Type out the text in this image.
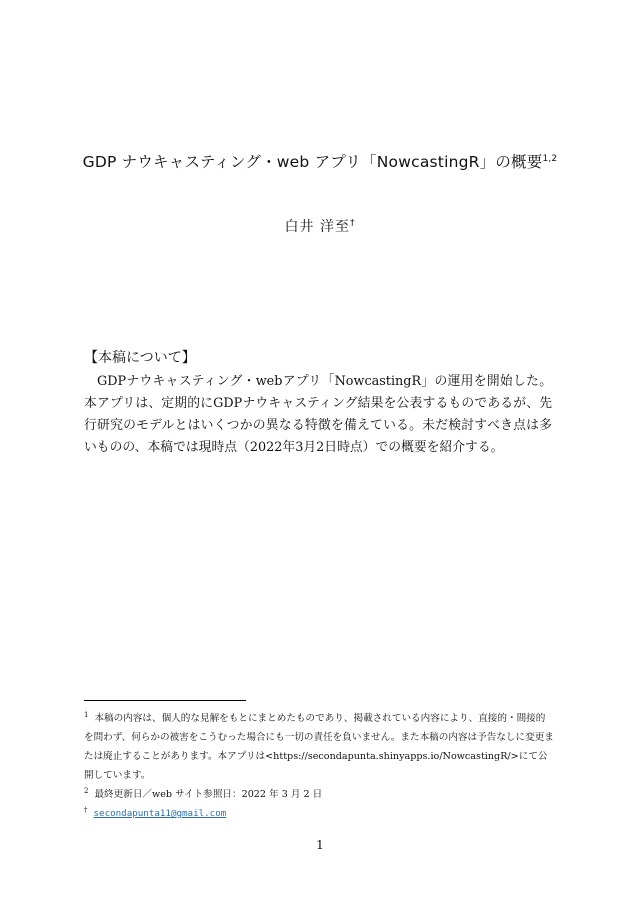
GDP ナウキャスティング・web アプリ「NowcastingR」の概要$^{1,2}$
白井 洋至†
【本稿について】
GDPナウキャスティング・webアプリ「NowcastingR」の運用を開始した。本アプリは、定期的にGDPナウキャスティング結果を公表するものであるが、先行研究のモデルとはいくつかの異なる特徴を備えている。未だ検討すべき点は多いものの、本稿では現時点（2022年3月2日時点）での概要を紹介する。
$^1$ 本稿の内容は、個人的な見解をもとにまとめたものであり、掲載されている内容により、直接的・間接的を問わず、何らかの被害をこうむった場合にも一切の責任を負いません。また本稿の内容は予告なしに変更または廃止することがあります。本アプリは<https://secondapunta.shinyapps.io/NowcastingR/>にて公開しています。
$^2$ 最終更新日／web サイト参照日：2022 年 3 月 2 日
† secondapunta11@gmail.com
1
